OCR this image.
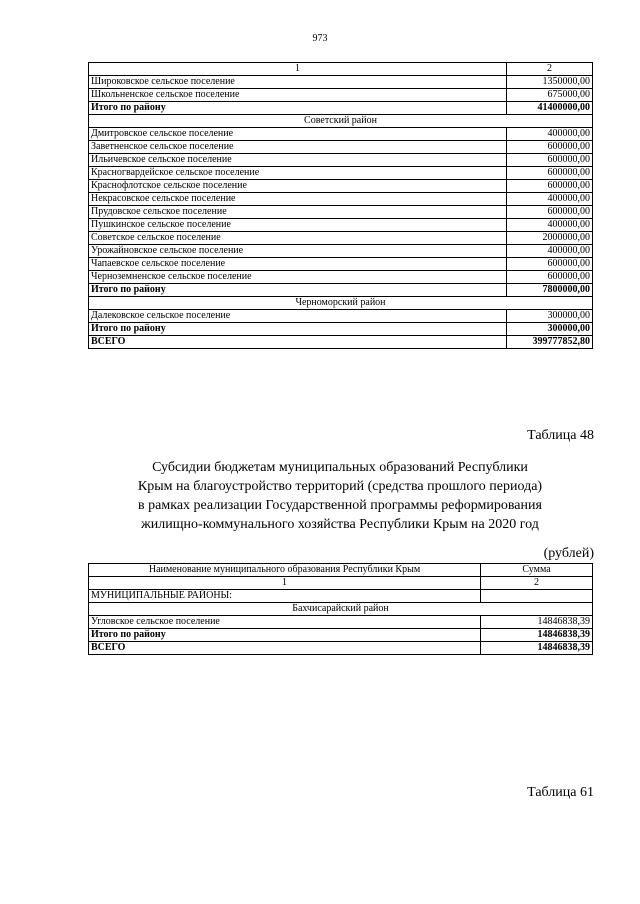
973
1	2
Широковское сельское поселение	1350000,00
Школьненское сельское поселение	675000,00
Итого по району	41400000,00
Советский район	
Дмитровское сельское поселение	400000,00
Заветненское сельское поселение	600000,00
Ильичевское сельское поселение	600000,00
Красногвардейское сельское поселение	600000,00
Краснофлотское сельское поселение	600000,00
Некрасовское сельское поселение	400000,00
Прудовское сельское поселение	600000,00
Пушкинское сельское поселение	400000,00
Советское сельское поселение	2000000,00
Урожайновское сельское поселение	400000,00
Чапаевское сельское поселение	600000,00
Черноземненское сельское поселение	600000,00
Итого по району	7800000,00
Черноморский район	
Далековское сельское поселение	300000,00
Итого по району	300000,00
ВСЕГО	399777852,80
Таблица 48
Субсидии бюджетам муниципальных образований Республики
Крым на благоустройство территорий (средства прошлого периода)
в рамках реализации Государственной программы реформирования
жилищно-коммунального хозяйства Республики Крым на 2020 год
(рублей)
Наименование муниципального образования Республики Крым	Сумма
1	2
МУНИЦИПАЛЬНЫЕ РАЙОНЫ:	
Бахчисарайский район	
Угловское сельское поселение	14846838,39
Итого по району	14846838,39
ВСЕГО	14846838,39
Таблица 61
